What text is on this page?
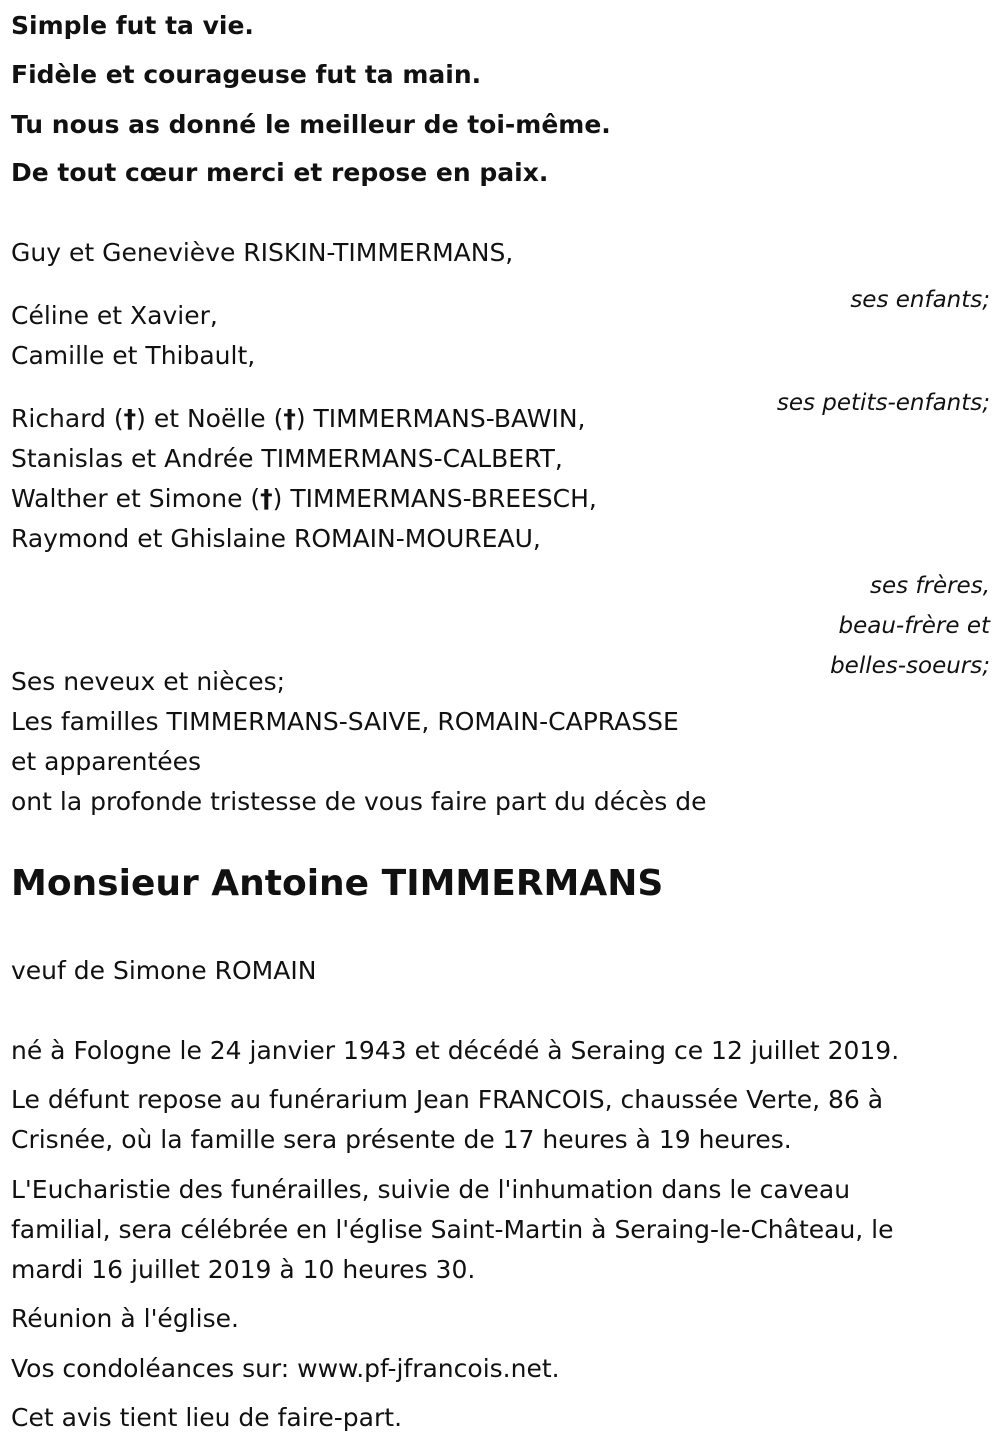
Simple fut ta vie.

Fidèle et courageuse fut ta main.

Tu nous as donné le meilleur de toi-même.

De tout cœur merci et repose en paix.

Guy et Geneviève RISKIN-TIMMERMANS,

ses enfants;

Céline et Xavier,

Camille et Thibault,

ses petits-enfants;

Richard (†) et Noëlle (†) TIMMERMANS-BAWIN,

Stanislas et Andrée TIMMERMANS-CALBERT,

Walther et Simone (†) TIMMERMANS-BREESCH,

Raymond et Ghislaine ROMAIN-MOUREAU,

ses frères,

beau-frère et

belles-soeurs;

Ses neveux et nièces;

Les familles TIMMERMANS-SAIVE, ROMAIN-CAPRASSE

et apparentées

ont la profonde tristesse de vous faire part du décès de

Monsieur Antoine TIMMERMANS

veuf de Simone ROMAIN

né à Fologne le 24 janvier 1943 et décédé à Seraing ce 12 juillet 2019.

Le défunt repose au funérarium Jean FRANCOIS, chaussée Verte, 86 à

Crisnée, où la famille sera présente de 17 heures à 19 heures.

L'Eucharistie des funérailles, suivie de l'inhumation dans le caveau

familial, sera célébrée en l'église Saint-Martin à Seraing-le-Château, le

mardi 16 juillet 2019 à 10 heures 30.

Réunion à l'église.

Vos condoléances sur: www.pf-jfrancois.net.

Cet avis tient lieu de faire-part.
